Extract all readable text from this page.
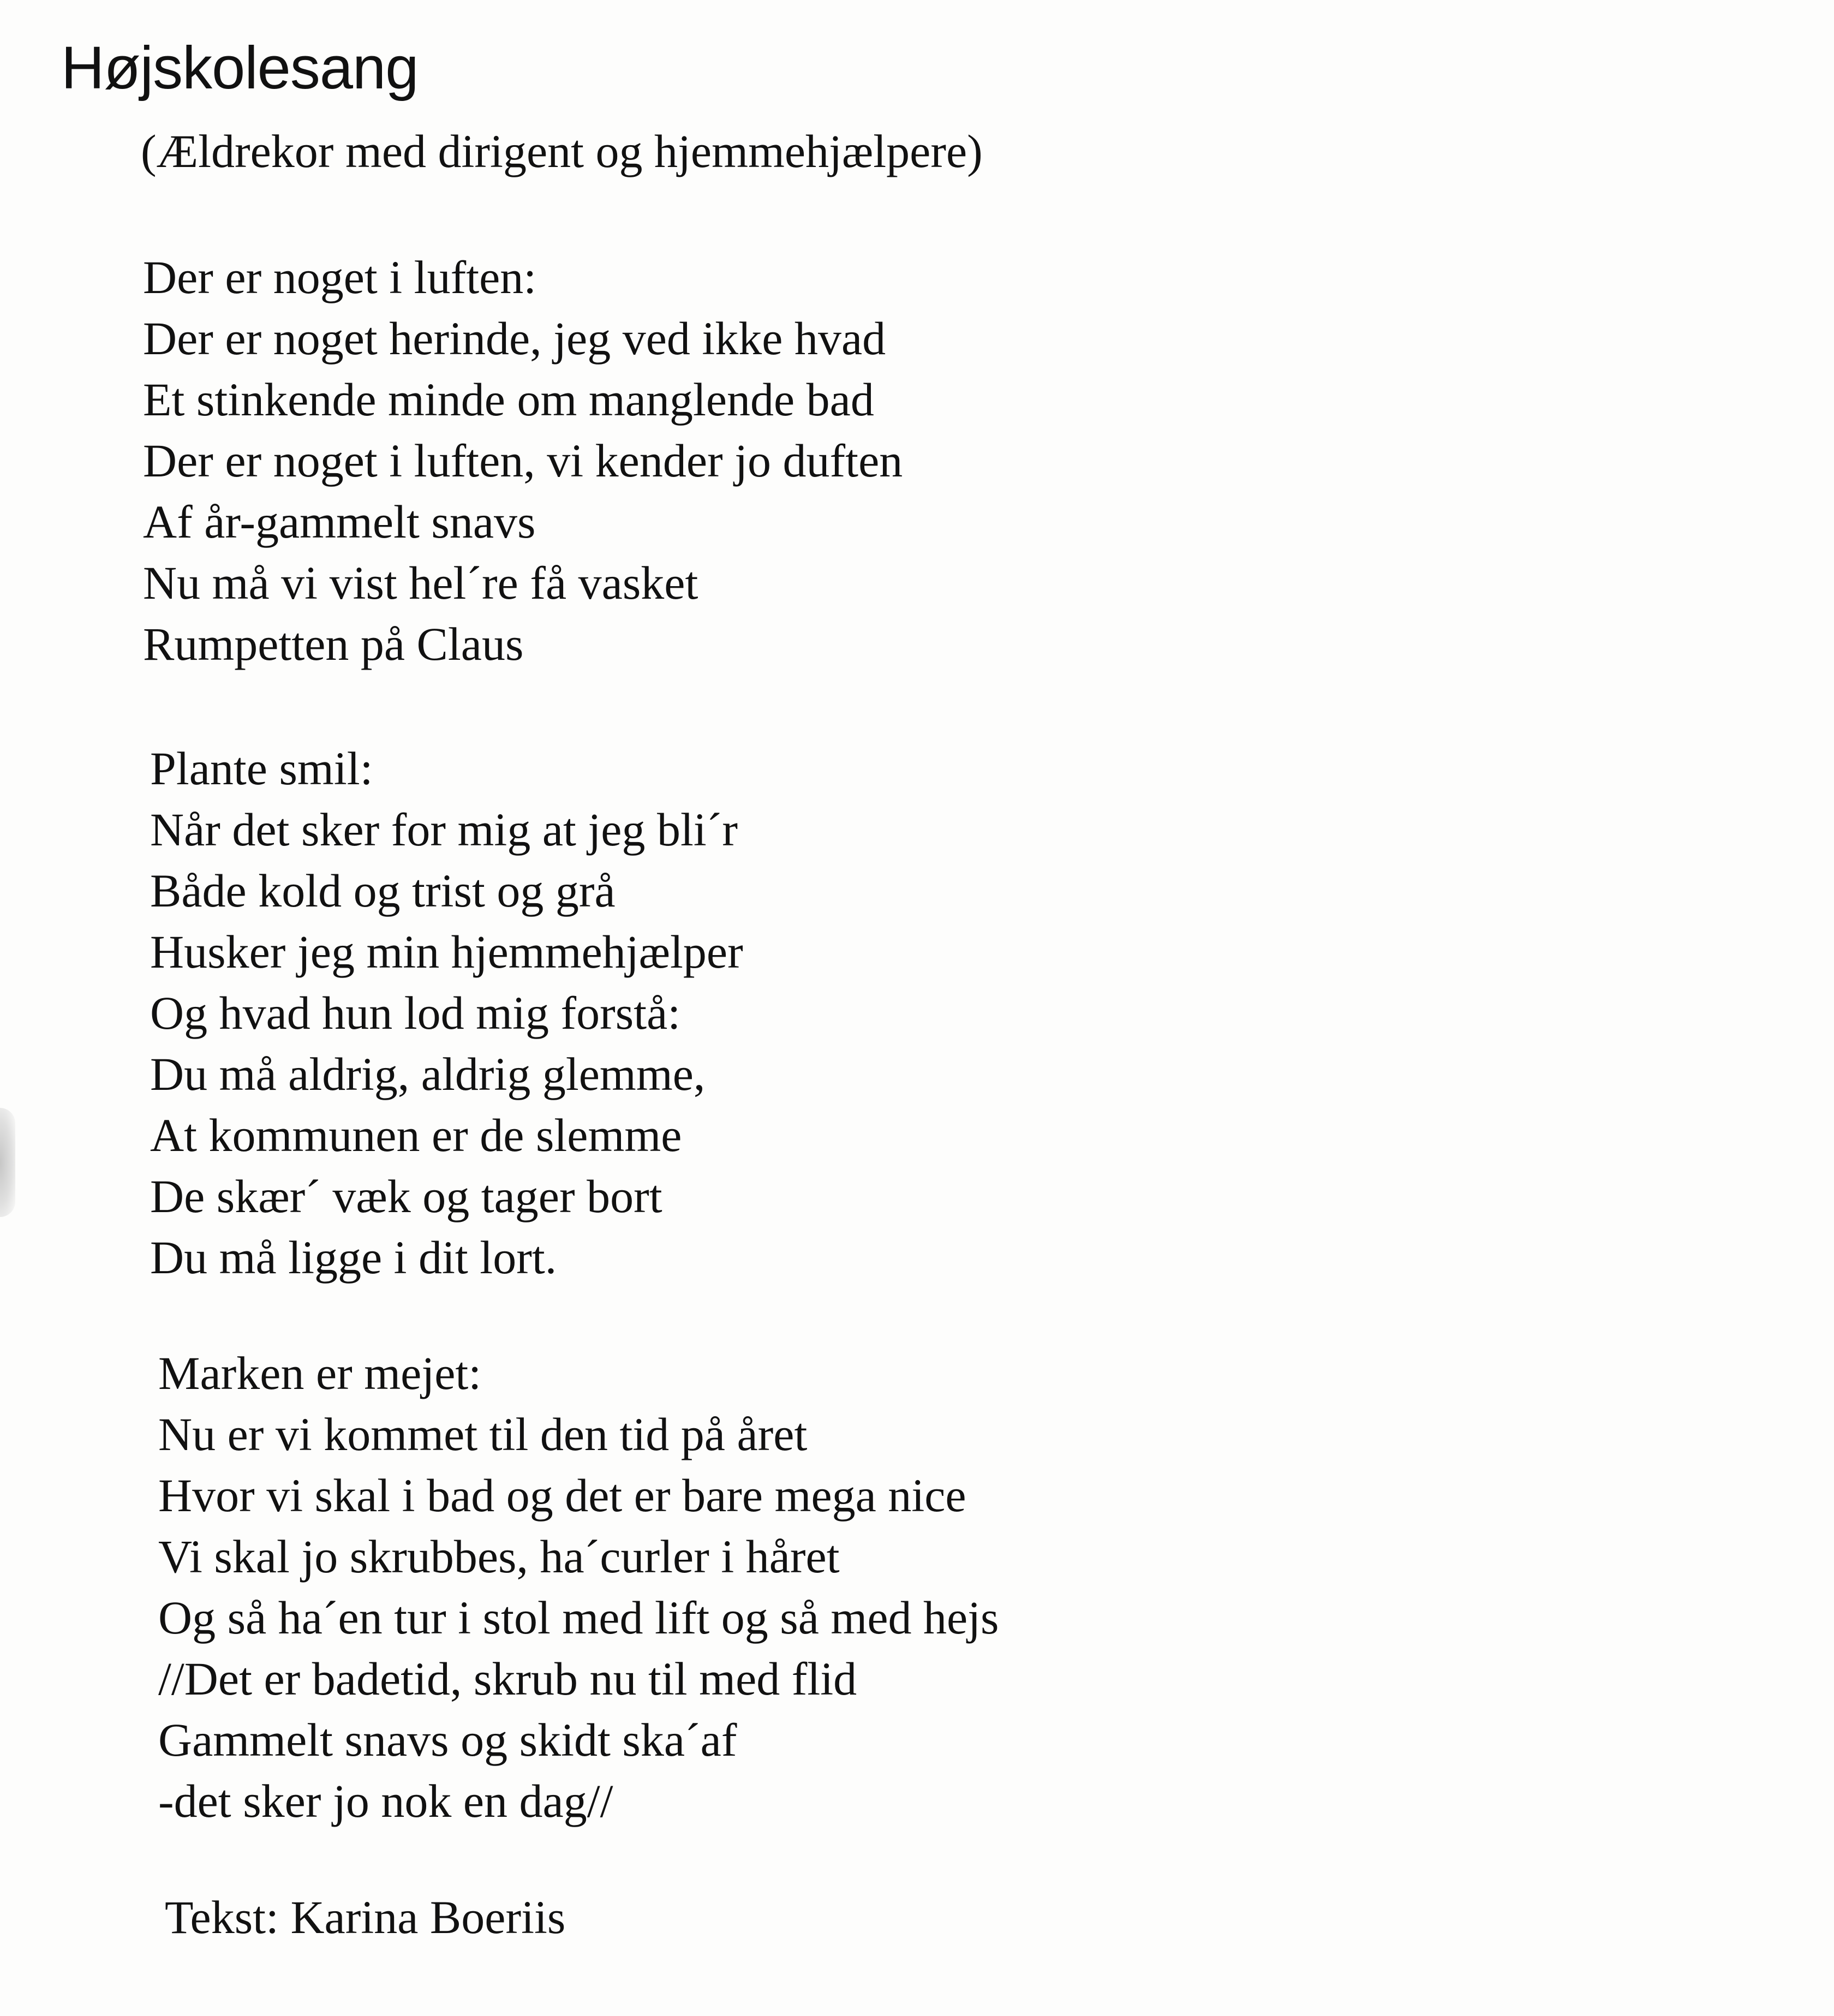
Højskolesang
(Ældrekor med dirigent og hjemmehjælpere)
Der er noget i luften:
Der er noget herinde, jeg ved ikke hvad
Et stinkende minde om manglende bad
Der er noget i luften, vi kender jo duften
Af år-gammelt snavs
Nu må vi vist hel´re få vasket
Rumpetten på Claus
Plante smil:
Når det sker for mig at jeg bli´r
Både kold og trist og grå
Husker jeg min hjemmehjælper
Og hvad hun lod mig forstå:
Du må aldrig, aldrig glemme,
At kommunen er de slemme
De skær´ væk og tager bort
Du må ligge i dit lort.
Marken er mejet:
Nu er vi kommet til den tid på året
Hvor vi skal i bad og det er bare mega nice
Vi skal jo skrubbes, ha´curler i håret
Og så ha´en tur i stol med lift og så med hejs
//Det er badetid, skrub nu til med flid
Gammelt snavs og skidt ska´af
-det sker jo nok en dag//
Tekst: Karina Boeriis
